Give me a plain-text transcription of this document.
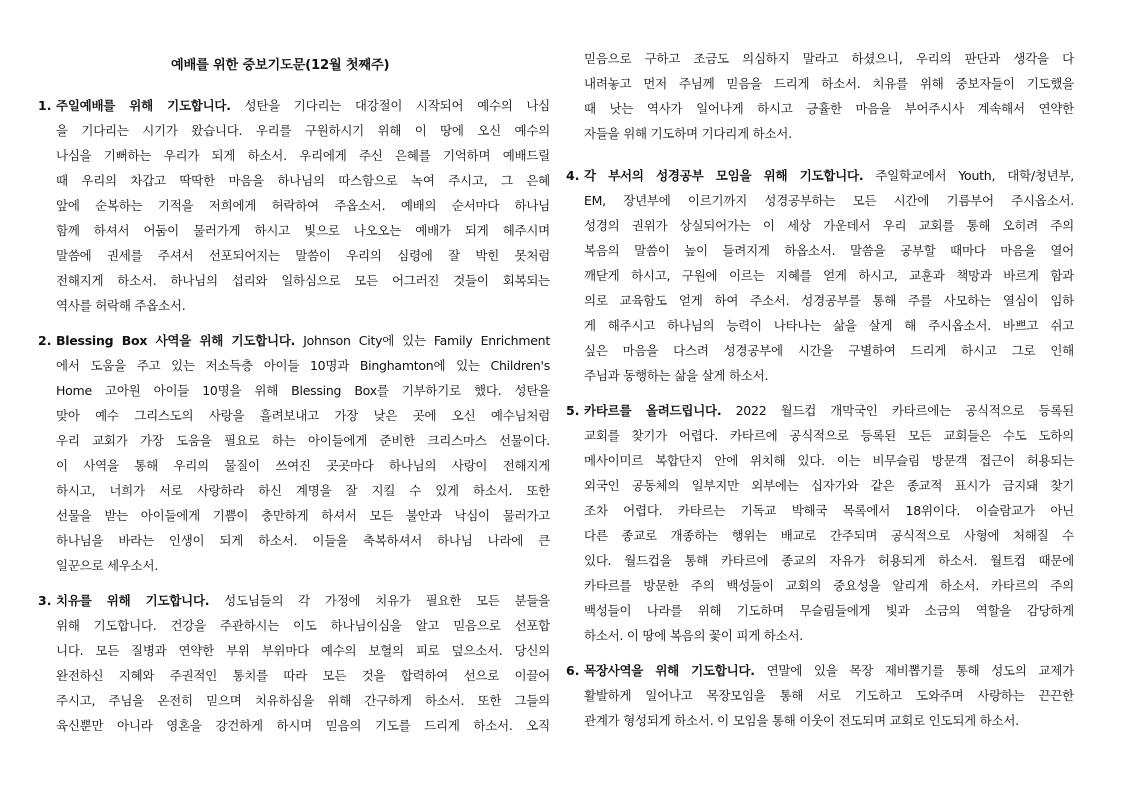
예배를 위한 중보기도문(12월 첫째주)
1. 주일예배를 위해 기도합니다. 성탄을 기다리는 대강절이 시작되어 예수의 나심
을 기다리는 시기가 왔습니다. 우리를 구원하시기 위해 이 땅에 오신 예수의
나심을 기뻐하는 우리가 되게 하소서. 우리에게 주신 은혜를 기억하며 예배드릴
때 우리의 차갑고 딱딱한 마음을 하나님의 따스함으로 녹여 주시고, 그 은혜
앞에 순복하는 기적을 저희에게 허락하여 주옵소서. 예배의 순서마다 하나님
함께 하셔서 어둠이 물러가게 하시고 빛으로 나오오는 예배가 되게 헤주시며
말씀에 권세를 주셔서 선포되어지는 말씀이 우리의 심령에 잘 박힌 못처럼
전해지게 하소서. 하나님의 섭리와 일하심으로 모든 어그러진 것들이 회복되는
역사를 허락해 주옵소서.
2. Blessing Box 사역을 위해 기도합니다. Johnson City에 있는 Family Enrichment
에서 도움을 주고 있는 저소득층 아이들 10명과 Binghamton에 있는 Children's
Home 고아원 아이들 10명을 위해 Blessing Box를 기부하기로 했다. 성탄을
맞아 예수 그리스도의 사랑을 흘려보내고 가장 낮은 곳에 오신 예수님처럼
우리 교회가 가장 도움을 필요로 하는 아이들에게 준비한 크리스마스 선물이다.
이 사역을 통해 우리의 물질이 쓰여진 곳곳마다 하나님의 사랑이 전해지게
하시고, 너희가 서로 사랑하라 하신 계명을 잘 지킬 수 있게 하소서. 또한
선물을 받는 아이들에게 기쁨이 충만하게 하셔서 모든 불안과 낙심이 물러가고
하나님을 바라는 인생이 되게 하소서. 이들을 축복하셔서 하나님 나라에 큰
일꾼으로 세우소서.
3. 치유를 위해 기도합니다. 성도님들의 각 가정에 치유가 필요한 모든 분들을
위해 기도합니다. 건강을 주관하시는 이도 하나님이심을 알고 믿음으로 선포합
니다. 모든 질병과 연약한 부위 부위마다 예수의 보혈의 피로 덮으소서. 당신의
완전하신 지혜와 주권적인 통치를 따라 모든 것을 합력하여 선으로 이끌어
주시고, 주님을 온전히 믿으며 치유하심을 위해 간구하게 하소서. 또한 그들의
육신뿐만 아니라 영혼을 강건하게 하시며 믿음의 기도를 드리게 하소서. 오직
믿음으로 구하고 조금도 의심하지 말라고 하셨으니, 우리의 판단과 생각을 다
내려놓고 먼저 주님께 믿음을 드리게 하소서. 치유를 위해 중보자들이 기도했을
때 낫는 역사가 일어나게 하시고 긍휼한 마음을 부어주시사 계속해서 연약한
자들을 위해 기도하며 기다리게 하소서.
4. 각 부서의 성경공부 모임을 위해 기도합니다. 주일학교에서 Youth, 대학/청년부,
EM, 장년부에 이르기까지 성경공부하는 모든 시간에 기름부어 주시옵소서.
성경의 권위가 상실되어가는 이 세상 가운데서 우리 교회를 통해 오히려 주의
복음의 말씀이 높이 들려지게 하옵소서. 말씀을 공부할 때마다 마음을 열어
깨닫게 하시고, 구원에 이르는 지혜를 얻게 하시고, 교훈과 책망과 바르게 함과
의로 교육함도 얻게 하여 주소서. 성경공부를 통해 주를 사모하는 열심이 임하
게 해주시고 하나님의 능력이 나타나는 삶을 살게 해 주시옵소서. 바쁘고 쉬고
싶은 마음을 다스려 성경공부에 시간을 구별하여 드리게 하시고 그로 인해
주님과 동행하는 삶을 살게 하소서.
5. 카타르를 올려드립니다. 2022 월드컵 개막국인 카타르에는 공식적으로 등록된
교회를 찾기가 어렵다. 카타르에 공식적으로 등록된 모든 교회들은 수도 도하의
메사이미르 복합단지 안에 위치해 있다. 이는 비무슬림 방문객 접근이 허용되는
외국인 공동체의 일부지만 외부에는 십자가와 같은 종교적 표시가 금지돼 찾기
조차 어렵다. 카타르는 기독교 박해국 목록에서 18위이다. 이슬람교가 아닌
다른 종교로 개종하는 행위는 배교로 간주되며 공식적으로 사형에 처해질 수
있다. 월드컵을 통해 카타르에 종교의 자유가 허용되게 하소서. 월트컵 때문에
카타르를 방문한 주의 백성들이 교회의 중요성을 알리게 하소서. 카타르의 주의
백성들이 나라를 위해 기도하며 무슬림들에게 빛과 소금의 역할을 감당하게
하소서. 이 땅에 복음의 꽃이 피게 하소서.
6. 목장사역을 위해 기도합니다. 연말에 있을 목장 제비뽑기를 통해 성도의 교제가
활발하게 일어나고 목장모임을 통해 서로 기도하고 도와주며 사랑하는 끈끈한
관계가 형성되게 하소서. 이 모임을 통해 이웃이 전도되며 교회로 인도되게 하소서.
